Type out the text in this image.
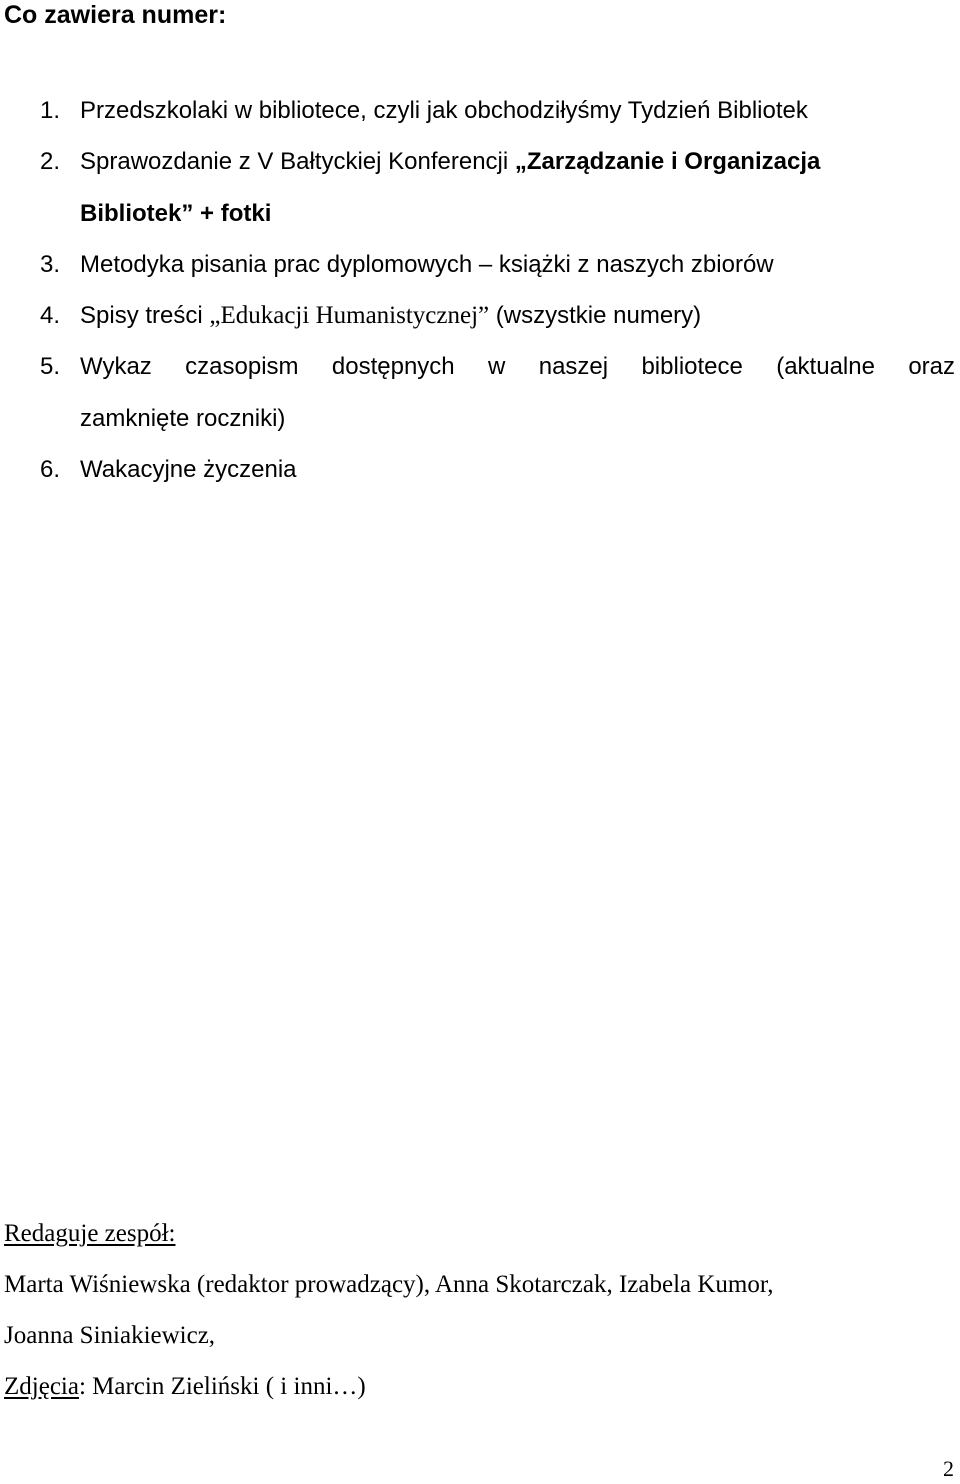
Co zawiera numer:
1. Przedszkolaki w bibliotece, czyli jak obchodziłyśmy Tydzień Bibliotek
2. Sprawozdanie z V Bałtyckiej Konferencji „Zarządzanie i Organizacja
Bibliotek” + fotki
3. Metodyka pisania prac dyplomowych – książki z naszych zbiorów
4. Spisy treści „Edukacji Humanistycznej” (wszystkie numery)
5. Wykaz czasopism dostępnych w naszej bibliotece (aktualne oraz
zamknięte roczniki)
6. Wakacyjne życzenia
Redaguje zespół:
Marta Wiśniewska (redaktor prowadzący), Anna Skotarczak, Izabela Kumor,
Joanna Siniakiewicz,
Zdjęcia: Marcin Zieliński ( i inni…)
2
